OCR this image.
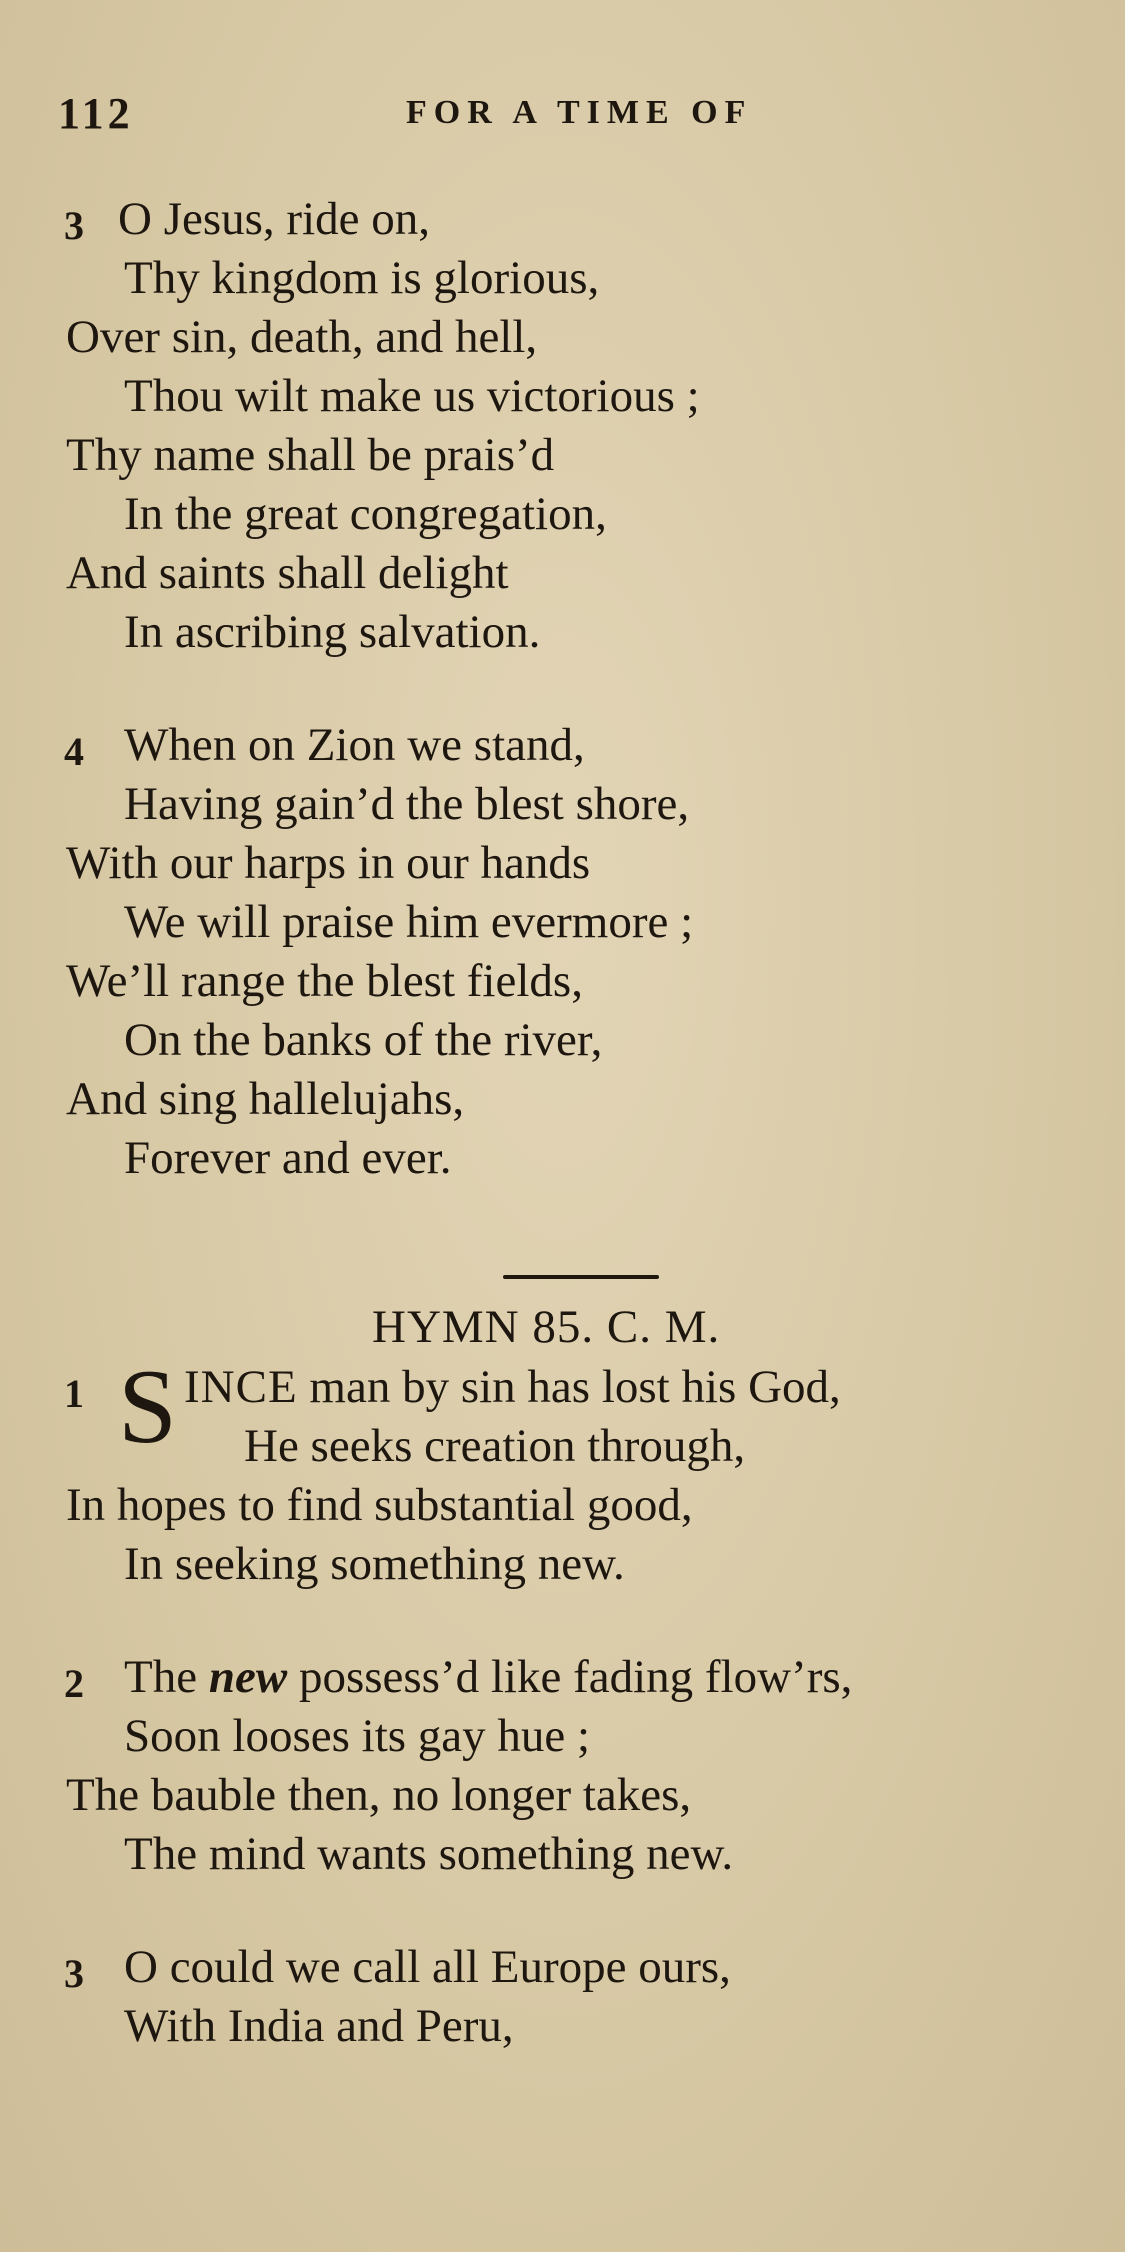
112	FOR A TIME OF
3 O Jesus, ride on,
Thy kingdom is glorious,
Over sin, death, and hell,
Thou wilt make us victorious ;
Thy name shall be prais’d
In the great congregation,
And saints shall delight
In ascribing salvation.
4 When on Zion we stand,
Having gain’d the blest shore,
With our harps in our hands
We will praise him evermore ;
We’ll range the blest fields,
On the banks of the river,
And sing hallelujahs,
Forever and ever.
HYMN 85. C. M.
1 S INCE man by sin has lost his God,
He seeks creation through,
In hopes to find substantial good,
In seeking something new.
2 The new possess’d like fading flow’rs,
Soon looses its gay hue ;
The bauble then, no longer takes,
The mind wants something new.
3 O could we call all Europe ours,
With India and Peru,
